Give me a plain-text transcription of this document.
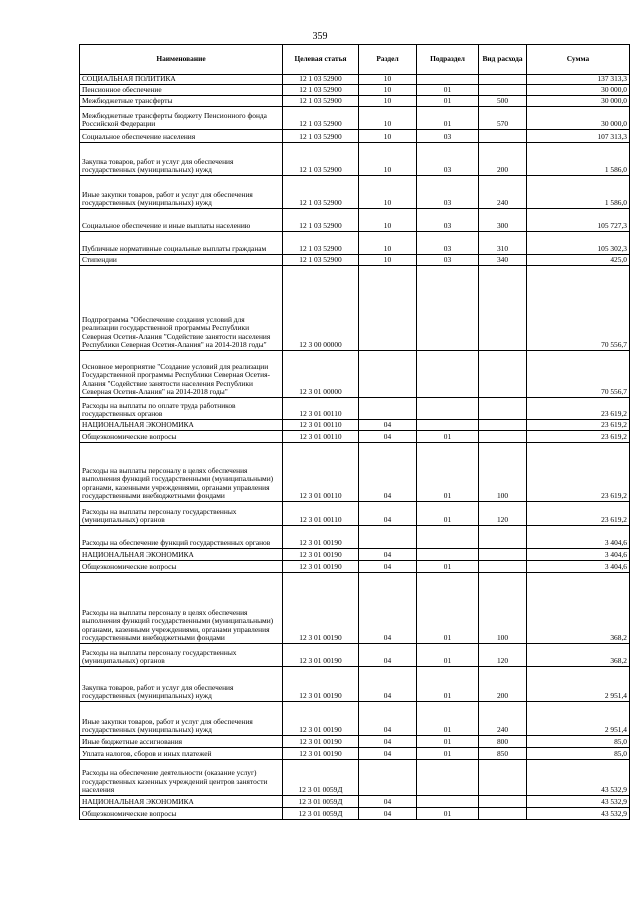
359
Наименование	Целевая статья	Раздел	Подраздел	Вид расхода	Сумма
СОЦИАЛЬНАЯ ПОЛИТИКА	12 1 03 52900	10			137 313,3
Пенсионное обеспечение	12 1 03 52900	10	01		30 000,0
Межбюджетные трансферты	12 1 03 52900	10	01	500	30 000,0
Межбюджетные трансферты бюджету Пенсионного фонда Российской Федерации	12 1 03 52900	10	01	570	30 000,0
Социальное обеспечение населения	12 1 03 52900	10	03		107 313,3
Закупка товаров, работ и услуг для обеспечения государственных (муниципальных) нужд	12 1 03 52900	10	03	200	1 586,0
Иные закупки товаров, работ и услуг для обеспечения государственных (муниципальных) нужд	12 1 03 52900	10	03	240	1 586,0
Социальное обеспечение и иные выплаты населению	12 1 03 52900	10	03	300	105 727,3
Публичные нормативные социальные выплаты гражданам	12 1 03 52900	10	03	310	105 302,3
Стипендии	12 1 03 52900	10	03	340	425,0
Подпрограмма "Обеспечение создания условий для реализации государственной программы Республики Северная Осетия-Алания "Содействие занятости населения Республики Северная Осетия-Алания" на 2014-2018 годы"	12 3 00 00000				70 556,7
Основное мероприятие "Создание условий для реализации Государственной программы Республики Северная Осетия-Алания "Содействие занятости населения Республики Северная Осетия-Алания" на 2014-2018 годы"	12 3 01 00000				70 556,7
Расходы на выплаты по оплате труда работников государственных органов	12 3 01 00110				23 619,2
НАЦИОНАЛЬНАЯ ЭКОНОМИКА	12 3 01 00110	04			23 619,2
Общеэкономические вопросы	12 3 01 00110	04	01		23 619,2
Расходы на выплаты персоналу в целях обеспечения выполнения функций государственными (муниципальными) органами, казенными учреждениями, органами управления государственными внебюджетными фондами	12 3 01 00110	04	01	100	23 619,2
Расходы на выплаты персоналу государственных (муниципальных) органов	12 3 01 00110	04	01	120	23 619,2
Расходы на обеспечение функций государственных органов	12 3 01 00190				3 404,6
НАЦИОНАЛЬНАЯ ЭКОНОМИКА	12 3 01 00190	04			3 404,6
Общеэкономические вопросы	12 3 01 00190	04	01		3 404,6
Расходы на выплаты персоналу в целях обеспечения выполнения функций государственными (муниципальными) органами, казенными учреждениями, органами управления государственными внебюджетными фондами	12 3 01 00190	04	01	100	368,2
Расходы на выплаты персоналу государственных (муниципальных) органов	12 3 01 00190	04	01	120	368,2
Закупка товаров, работ и услуг для обеспечения государственных (муниципальных) нужд	12 3 01 00190	04	01	200	2 951,4
Иные закупки товаров, работ и услуг для обеспечения государственных (муниципальных) нужд	12 3 01 00190	04	01	240	2 951,4
Иные бюджетные ассигнования	12 3 01 00190	04	01	800	85,0
Уплата налогов, сборов и иных платежей	12 3 01 00190	04	01	850	85,0
Расходы на обеспечение деятельности (оказание услуг) государственных казенных учреждений центров занятости населения	12 3 01 0059Д				43 532,9
НАЦИОНАЛЬНАЯ ЭКОНОМИКА	12 3 01 0059Д	04			43 532,9
Общеэкономические вопросы	12 3 01 0059Д	04	01		43 532,9
